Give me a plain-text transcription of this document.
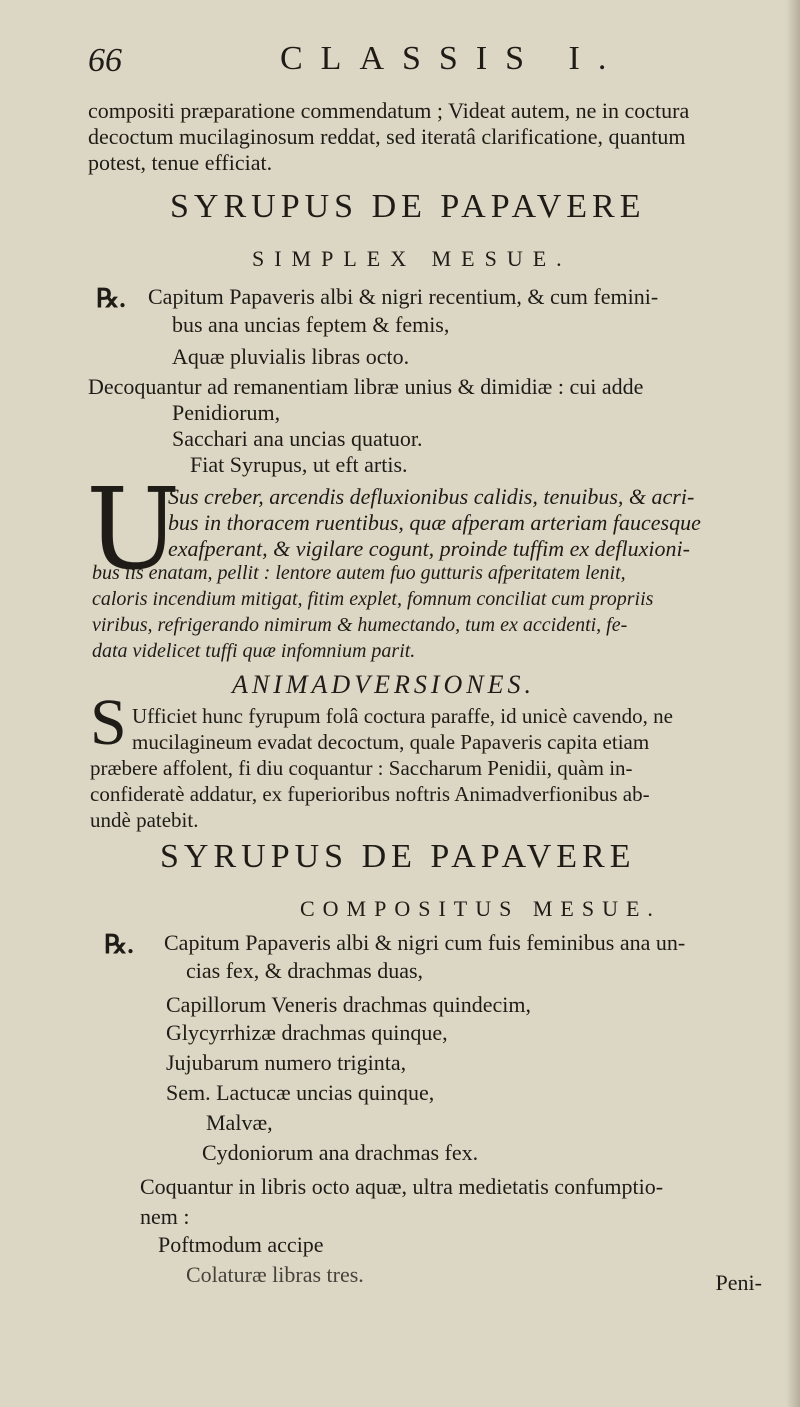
66	CLASSIS I.
compositi præparatione commendatum ; Videat autem, ne in coctura
decoctum mucilaginosum reddat, sed iteratâ clarificatione, quantum
potest, tenue efficiat.
SYRUPUS DE PAPAVERE
SIMPLEX MESUE.
℞. Capitum Papaveris albi & nigri recentium, & cum femini-
bus ana uncias feptem & femis,
Aquæ pluvialis libras octo.
Decoquantur ad remanentiam libræ unius & dimidiæ : cui adde
Penidiorum,
Sacchari ana uncias quatuor.
Fiat Syrupus, ut eft artis.
U
Sus creber, arcendis defluxionibus calidis, tenuibus, & acri-
bus in thoracem ruentibus, quæ afperam arteriam faucesque
exafperant, & vigilare cogunt, proinde tuffim ex defluxioni-
bus iis enatam, pellit : lentore autem fuo gutturis afperitatem lenit,
caloris incendium mitigat, fitim explet, fomnum conciliat cum propriis
viribus, refrigerando nimirum & humectando, tum ex accidenti, fe-
data videlicet tuffi quæ infomnium parit.
ANIMADVERSIONES.
S Ufficiet hunc fyrupum folâ coctura paraffe, id unicè cavendo, ne
mucilagineum evadat decoctum, quale Papaveris capita etiam
præbere affolent, fi diu coquantur : Saccharum Penidii, quàm in-
confideratè addatur, ex fuperioribus noftris Animadverfionibus ab-
undè patebit.
SYRUPUS DE PAPAVERE
COMPOSITUS MESUE.
℞. Capitum Papaveris albi & nigri cum fuis feminibus ana un-
cias fex, & drachmas duas,
Capillorum Veneris drachmas quindecim,
Glycyrrhizæ drachmas quinque,
Jujubarum numero triginta,
Sem. Lactucæ uncias quinque,
Malvæ,
Cydoniorum ana drachmas fex.
Coquantur in libris octo aquæ, ultra medietatis confumptio-
nem :
Poftmodum accipe
Colaturæ libras tres.	Peni-
